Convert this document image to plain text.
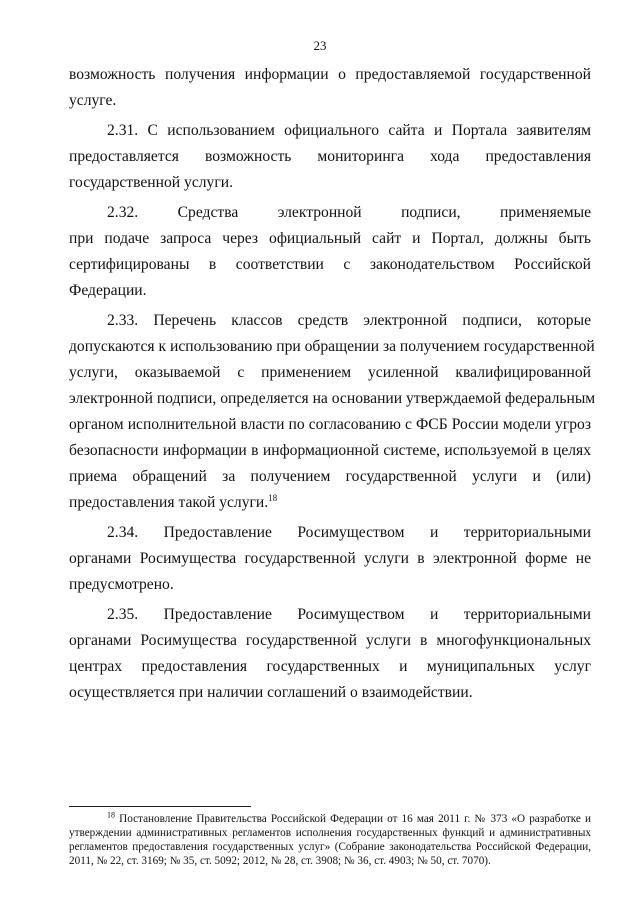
23

возможность получения информации о предоставляемой государственной
услуге.

2.31. С использованием официального сайта и Портала заявителям
предоставляется возможность мониторинга хода предоставления
государственной услуги.

2.32. Средства электронной подписи, применяемые
при подаче запроса через официальный сайт и Портал, должны быть
сертифицированы в соответствии с законодательством Российской
Федерации.

2.33. Перечень классов средств электронной подписи, которые
допускаются к использованию при обращении за получением государственной
услуги, оказываемой с применением усиленной квалифицированной
электронной подписи, определяется на основании утверждаемой федеральным
органом исполнительной власти по согласованию с ФСБ России модели угроз
безопасности информации в информационной системе, используемой в целях
приема обращений за получением государственной услуги и (или)
предоставления такой услуги.$^{18}$

2.34. Предоставление Росимуществом и территориальными
органами Росимущества государственной услуги в электронной форме не
предусмотрено.

2.35. Предоставление Росимуществом и территориальными
органами Росимущества государственной услуги в многофункциональных
центрах предоставления государственных и муниципальных услуг
осуществляется при наличии соглашений о взаимодействии.

$^{18}$ Постановление Правительства Российской Федерации от 16 мая 2011 г. № 373 «О разработке и
утверждении административных регламентов исполнения государственных функций и административных
регламентов предоставления государственных услуг» (Собрание законодательства Российской Федерации,
2011, № 22, ст. 3169; № 35, ст. 5092; 2012, № 28, ст. 3908; № 36, ст. 4903; № 50, ст. 7070).
